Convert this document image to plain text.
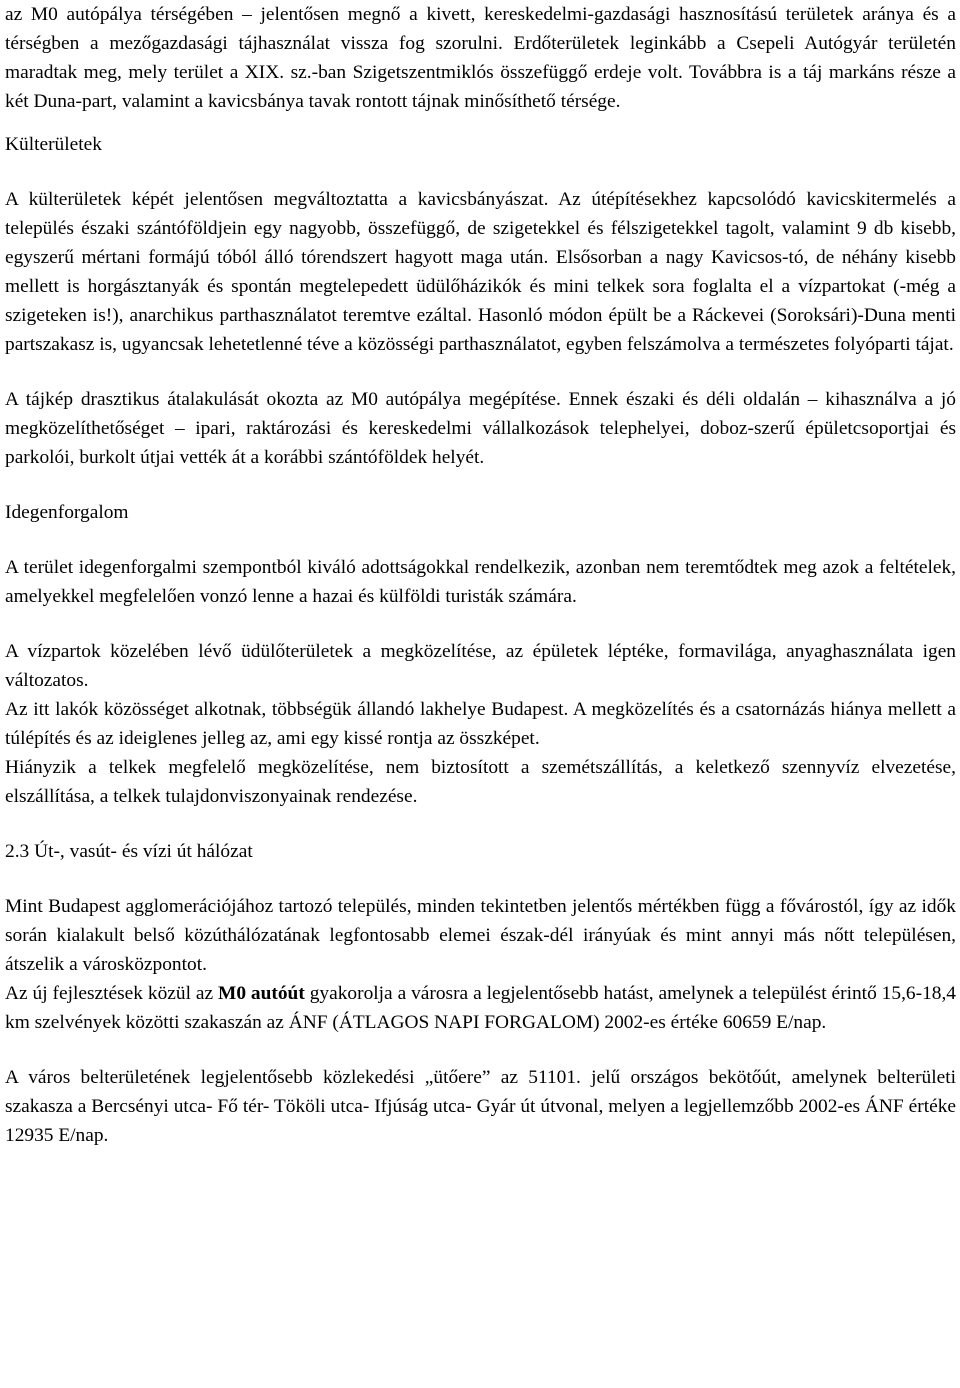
az M0 autópálya térségében – jelentősen megnő a kivett, kereskedelmi-gazdasági hasznosítású területek aránya és a térségben a mezőgazdasági tájhasználat vissza fog szorulni. Erdőterületek leginkább a Csepeli Autógyár területén maradtak meg, mely terület a XIX. sz.-ban Szigetszentmiklós összefüggő erdeje volt. Továbbra is a táj markáns része a két Duna-part, valamint a kavicsbánya tavak rontott tájnak minősíthető térsége.

Külterületek

A külterületek képét jelentősen megváltoztatta a kavicsbányászat. Az útépítésekhez kapcsolódó kavicskitermelés a település északi szántóföldjein egy nagyobb, összefüggő, de szigetekkel és félszigetekkel tagolt, valamint 9 db kisebb, egyszerű mértani formájú tóból álló tórendszert hagyott maga után. Elsősorban a nagy Kavicsos-tó, de néhány kisebb mellett is horgásztanyák és spontán megtelepedett üdülőházikók és mini telkek sora foglalta el a vízpartokat (-még a szigeteken is!), anarchikus parthasználatot teremtve ezáltal. Hasonló módon épült be a Ráckevei (Soroksári)-Duna menti partszakasz is, ugyancsak lehetetlenné téve a közösségi parthasználatot, egyben felszámolva a természetes folyóparti tájat.

A tájkép drasztikus átalakulását okozta az M0 autópálya megépítése. Ennek északi és déli oldalán – kihasználva a jó megközelíthetőséget – ipari, raktározási és kereskedelmi vállalkozások telephelyei, doboz-szerű épületcsoportjai és parkolói, burkolt útjai vették át a korábbi szántóföldek helyét.

Idegenforgalom

A terület idegenforgalmi szempontból kiváló adottságokkal rendelkezik, azonban nem teremtődtek meg azok a feltételek, amelyekkel megfelelően vonzó lenne a hazai és külföldi turisták számára.

A vízpartok közelében lévő üdülőterületek a megközelítése, az épületek léptéke, formavilága, anyaghasználata igen változatos.

Az itt lakók közösséget alkotnak, többségük állandó lakhelye Budapest. A megközelítés és a csatornázás hiánya mellett a túlépítés és az ideiglenes jelleg az, ami egy kissé rontja az összképet.

Hiányzik a telkek megfelelő megközelítése, nem biztosított a szemétszállítás, a keletkező szennyvíz elvezetése, elszállítása, a telkek tulajdonviszonyainak rendezése.

2.3 Út-, vasút- és vízi út hálózat

Mint Budapest agglomerációjához tartozó település, minden tekintetben jelentős mértékben függ a fővárostól, így az idők során kialakult belső közúthálózatának legfontosabb elemei észak-dél irányúak és mint annyi más nőtt településen, átszelik a városközpontot.

Az új fejlesztések közül az M0 autóút gyakorolja a városra a legjelentősebb hatást, amelynek a települést érintő 15,6-18,4 km szelvények közötti szakaszán az ÁNF (ÁTLAGOS NAPI FORGALOM) 2002-es értéke 60659 E/nap.

A város belterületének legjelentősebb közlekedési „ütőere” az 51101. jelű országos bekötőút, amelynek belterületi szakasza a Bercsényi utca- Fő tér- Tököli utca- Ifjúság utca- Gyár út útvonal, melyen a legjellemzőbb 2002-es ÁNF értéke 12935 E/nap.
